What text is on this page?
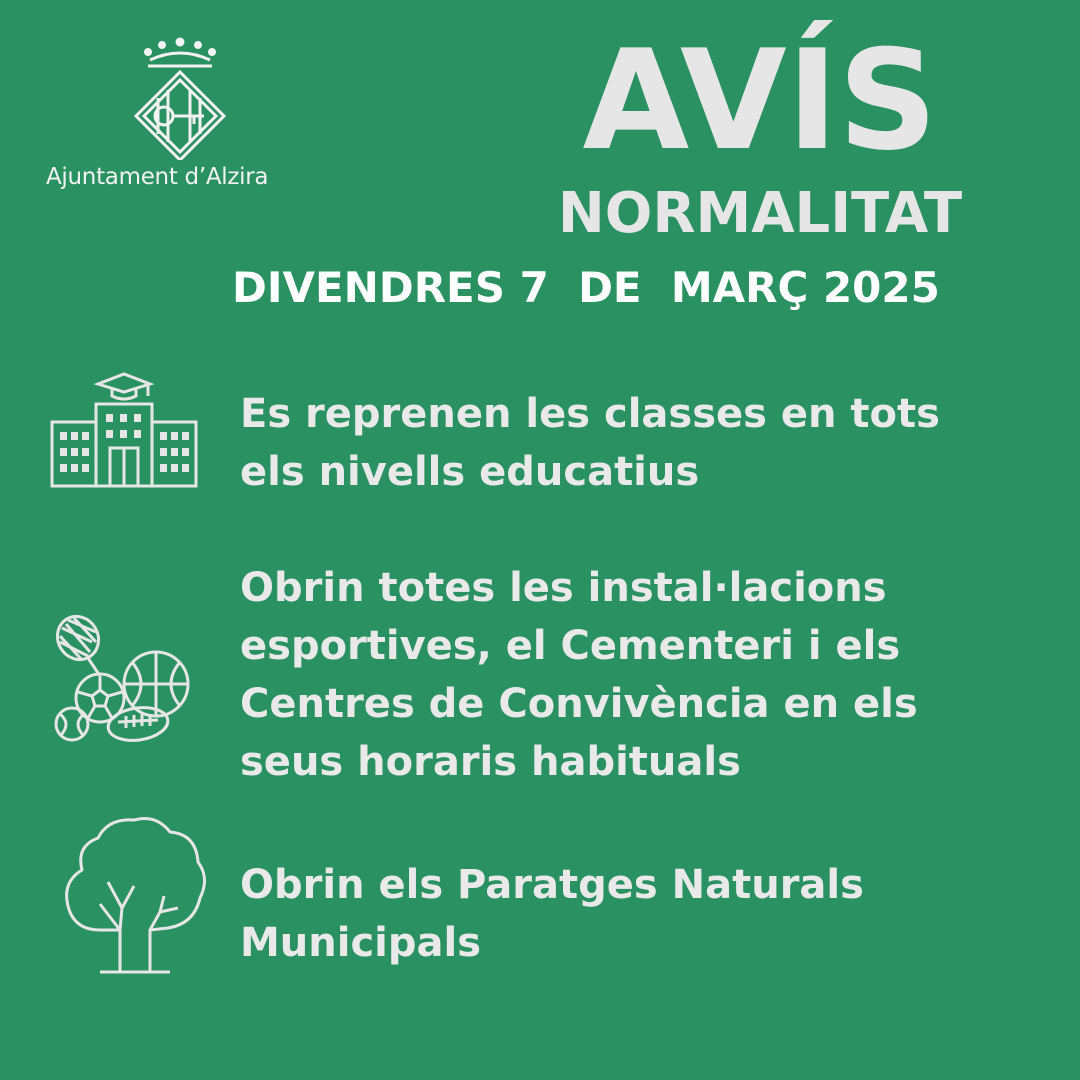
Ajuntament d’Alzira	AVÍS
NORMALITAT
DIVENDRES 7  DE  MARÇ 2025
Es reprenen les classes en tots
els nivells educatius
Obrin totes les instal·lacions
esportives, el Cementeri i els
Centres de Convivència en els
seus horaris habituals
Obrin els Paratges Naturals
Municipals
